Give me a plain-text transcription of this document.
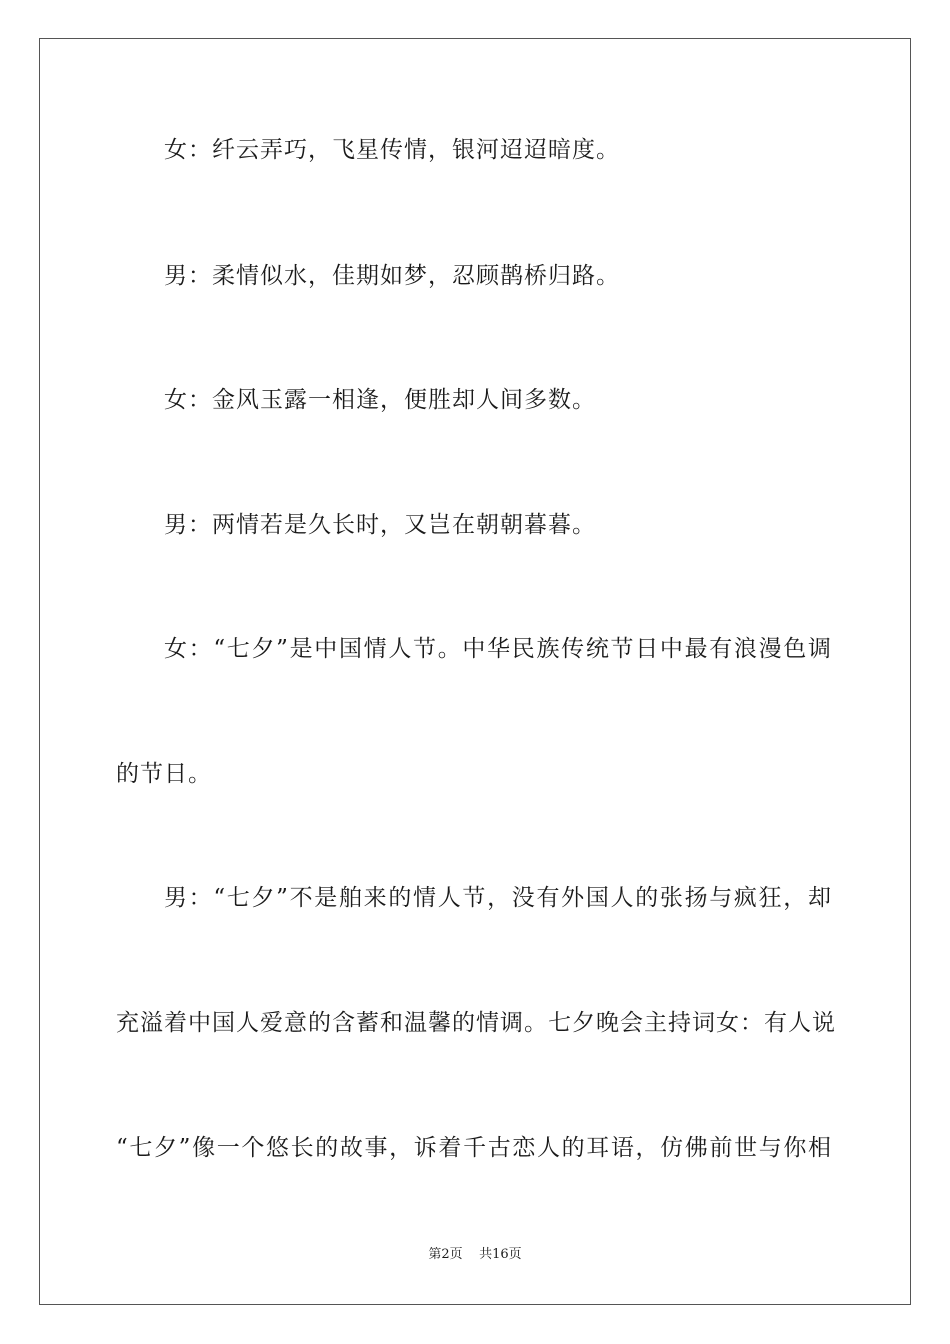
女：纤云弄巧，飞星传情，银河迢迢暗度。
男：柔情似水，佳期如梦，忍顾鹊桥归路。
女：金风玉露一相逢，便胜却人间多数。
男：两情若是久长时，又岂在朝朝暮暮。
女：“七夕”是中国情人节。中华民族传统节日中最有浪漫色调
的节日。
男：“七夕”不是舶来的情人节，没有外国人的张扬与疯狂，却
充溢着中国人爱意的含蓄和温馨的情调。七夕晚会主持词女：有人说
“七夕”像一个悠长的故事，诉着千古恋人的耳语，仿佛前世与你相
第2页 共16页
